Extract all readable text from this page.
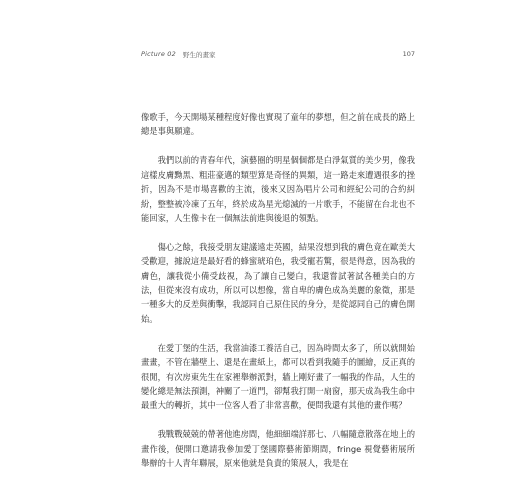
Picture 02 野生的畫家	107

像歌手，今天開場某種程度好像也實現了童年的夢想，但之前在成長的路上總是事與願違。

我們以前的青春年代，演藝圈的明星個個都是白淨氣質的美少男，像我這樣皮膚黝黑、粗莊豪邁的類型算是奇怪的異類，這一路走來遭遇很多的挫折，因為不是市場喜歡的主流，後來又因為唱片公司和經紀公司的合約糾紛，整整被冷凍了五年，終於成為星光熄滅的一片歌手，不能留在台北也不能回家，人生像卡在一個無法前進與後退的領點。

傷心之餘，我接受朋友建議遠走英國，結果沒想到我的膚色竟在歐美大受歡迎，據說這是最好看的蜂蜜琥珀色，我受寵若驚，很是得意，因為我的膚色，讓我從小備受歧視，為了讓自己變白，我還嘗試著試各種美白的方法，但從來沒有成功，所以可以想像，當自卑的膚色成為美麗的象徵，那是一種多大的反差與衝擊，我認同自己原住民的身分，是從認同自己的膚色開始。

在愛丁堡的生活，我當油漆工養活自己，因為時間太多了，所以就開始畫畫，不管在牆壁上、還是在畫紙上，都可以看到我隨手的圖繪，反正真的很閒，有次房東先生在家裡舉辦派對，牆上剛好畫了一幅我的作品，人生的變化總是無法預測，神關了一道門，卻幫我打開一扇窗，那天成為我生命中最重大的轉折，其中一位客人看了非常喜歡，便問我還有其他的畫作嗎？

我戰戰兢兢的帶著他進房間，他細細端詳那七、八幅隨意散落在地上的畫作後，便開口邀請我參加愛丁堡國際藝術節期間，fringe 視覺藝術展所舉辦的十人青年聯展，原來他就是負責的策展人，我是在
